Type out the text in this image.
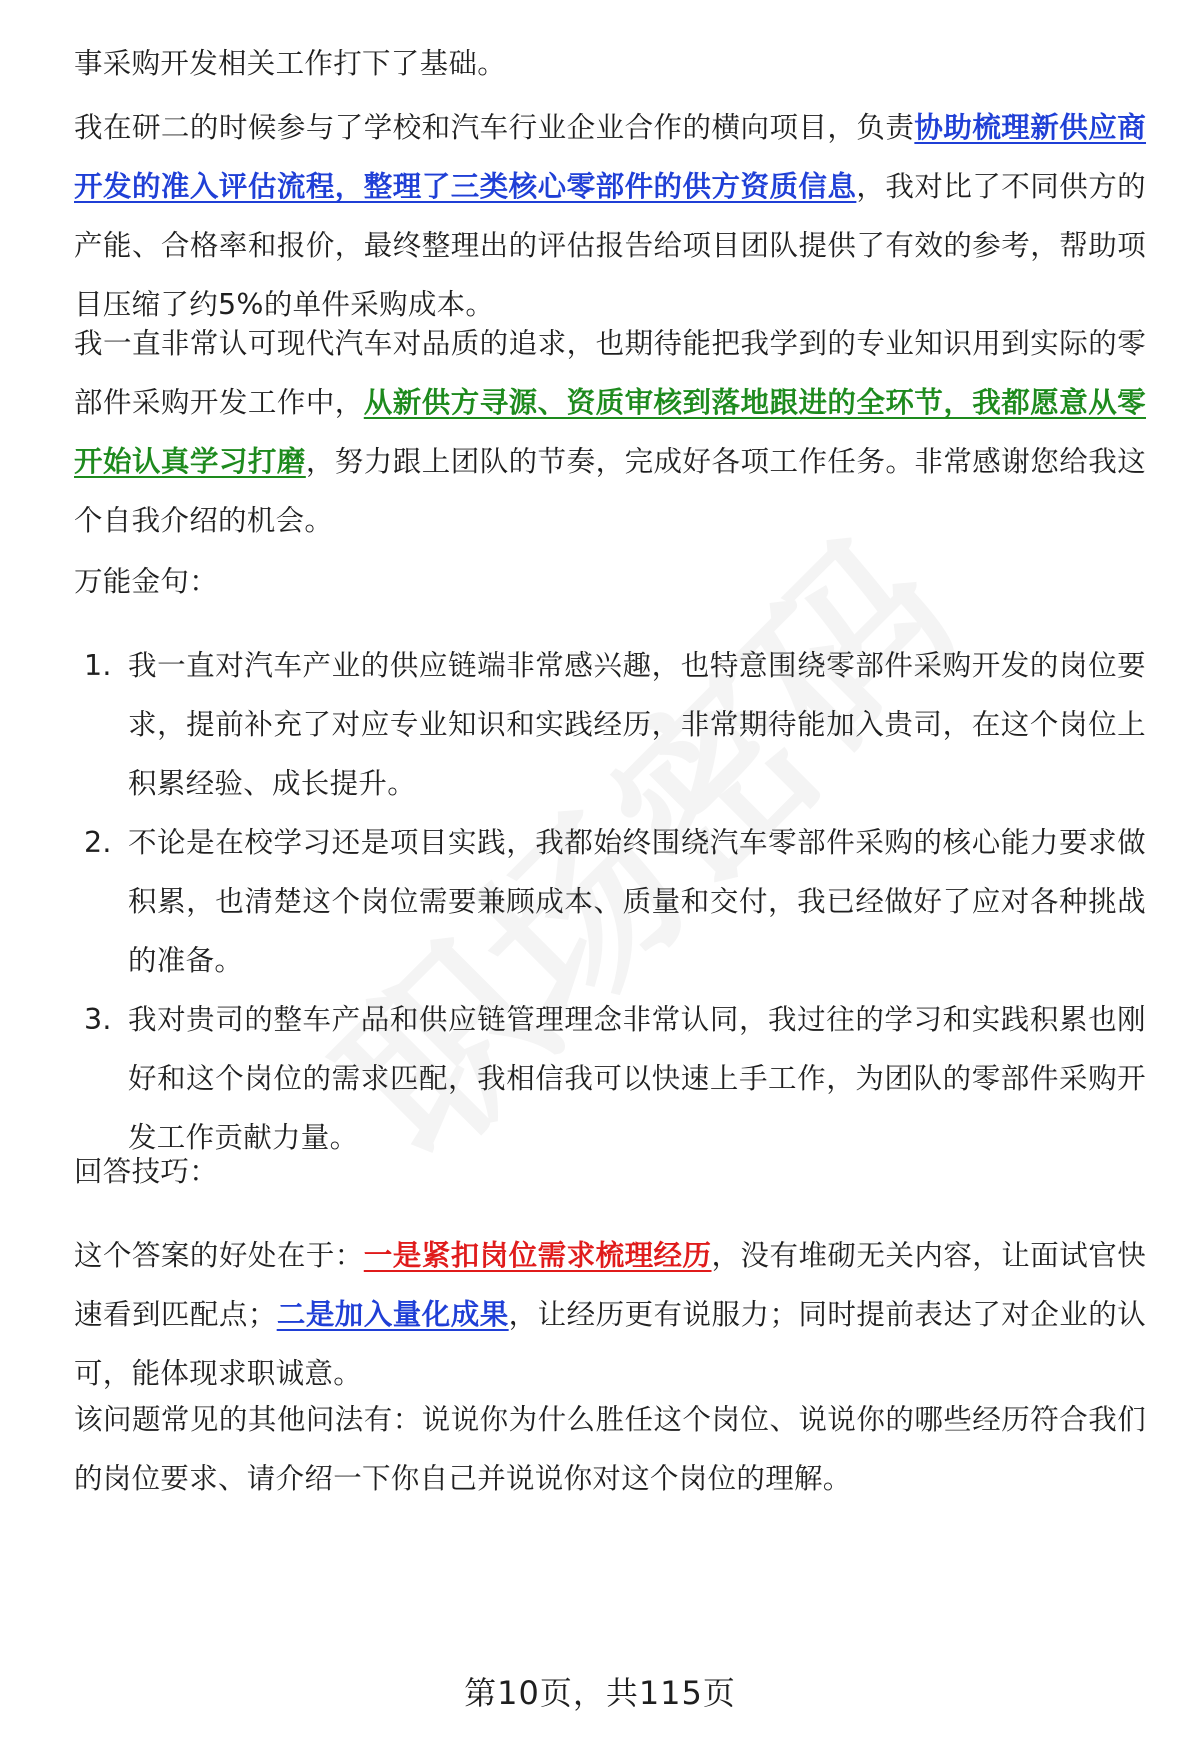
事采购开发相关工作打下了基础。

我在研二的时候参与了学校和汽车行业企业合作的横向项目，负责协助梳理新供应商开发的准入评估流程，整理了三类核心零部件的供方资质信息，我对比了不同供方的产能、合格率和报价，最终整理出的评估报告给项目团队提供了有效的参考，帮助项目压缩了约5%的单件采购成本。

我一直非常认可现代汽车对品质的追求，也期待能把我学到的专业知识用到实际的零部件采购开发工作中，从新供方寻源、资质审核到落地跟进的全环节，我都愿意从零开始认真学习打磨，努力跟上团队的节奏，完成好各项工作任务。非常感谢您给我这个自我介绍的机会。

万能金句：

1. 我一直对汽车产业的供应链端非常感兴趣，也特意围绕零部件采购开发的岗位要求，提前补充了对应专业知识和实践经历，非常期待能加入贵司，在这个岗位上积累经验、成长提升。
2. 不论是在校学习还是项目实践，我都始终围绕汽车零部件采购的核心能力要求做积累，也清楚这个岗位需要兼顾成本、质量和交付，我已经做好了应对各种挑战的准备。
3. 我对贵司的整车产品和供应链管理理念非常认同，我过往的学习和实践积累也刚好和这个岗位的需求匹配，我相信我可以快速上手工作，为团队的零部件采购开发工作贡献力量。

回答技巧：

这个答案的好处在于：一是紧扣岗位需求梳理经历，没有堆砌无关内容，让面试官快速看到匹配点；二是加入量化成果，让经历更有说服力；同时提前表达了对企业的认可，能体现求职诚意。

该问题常见的其他问法有：说说你为什么胜任这个岗位、说说你的哪些经历符合我们的岗位要求、请介绍一下你自己并说说你对这个岗位的理解。

第10页，共115页
